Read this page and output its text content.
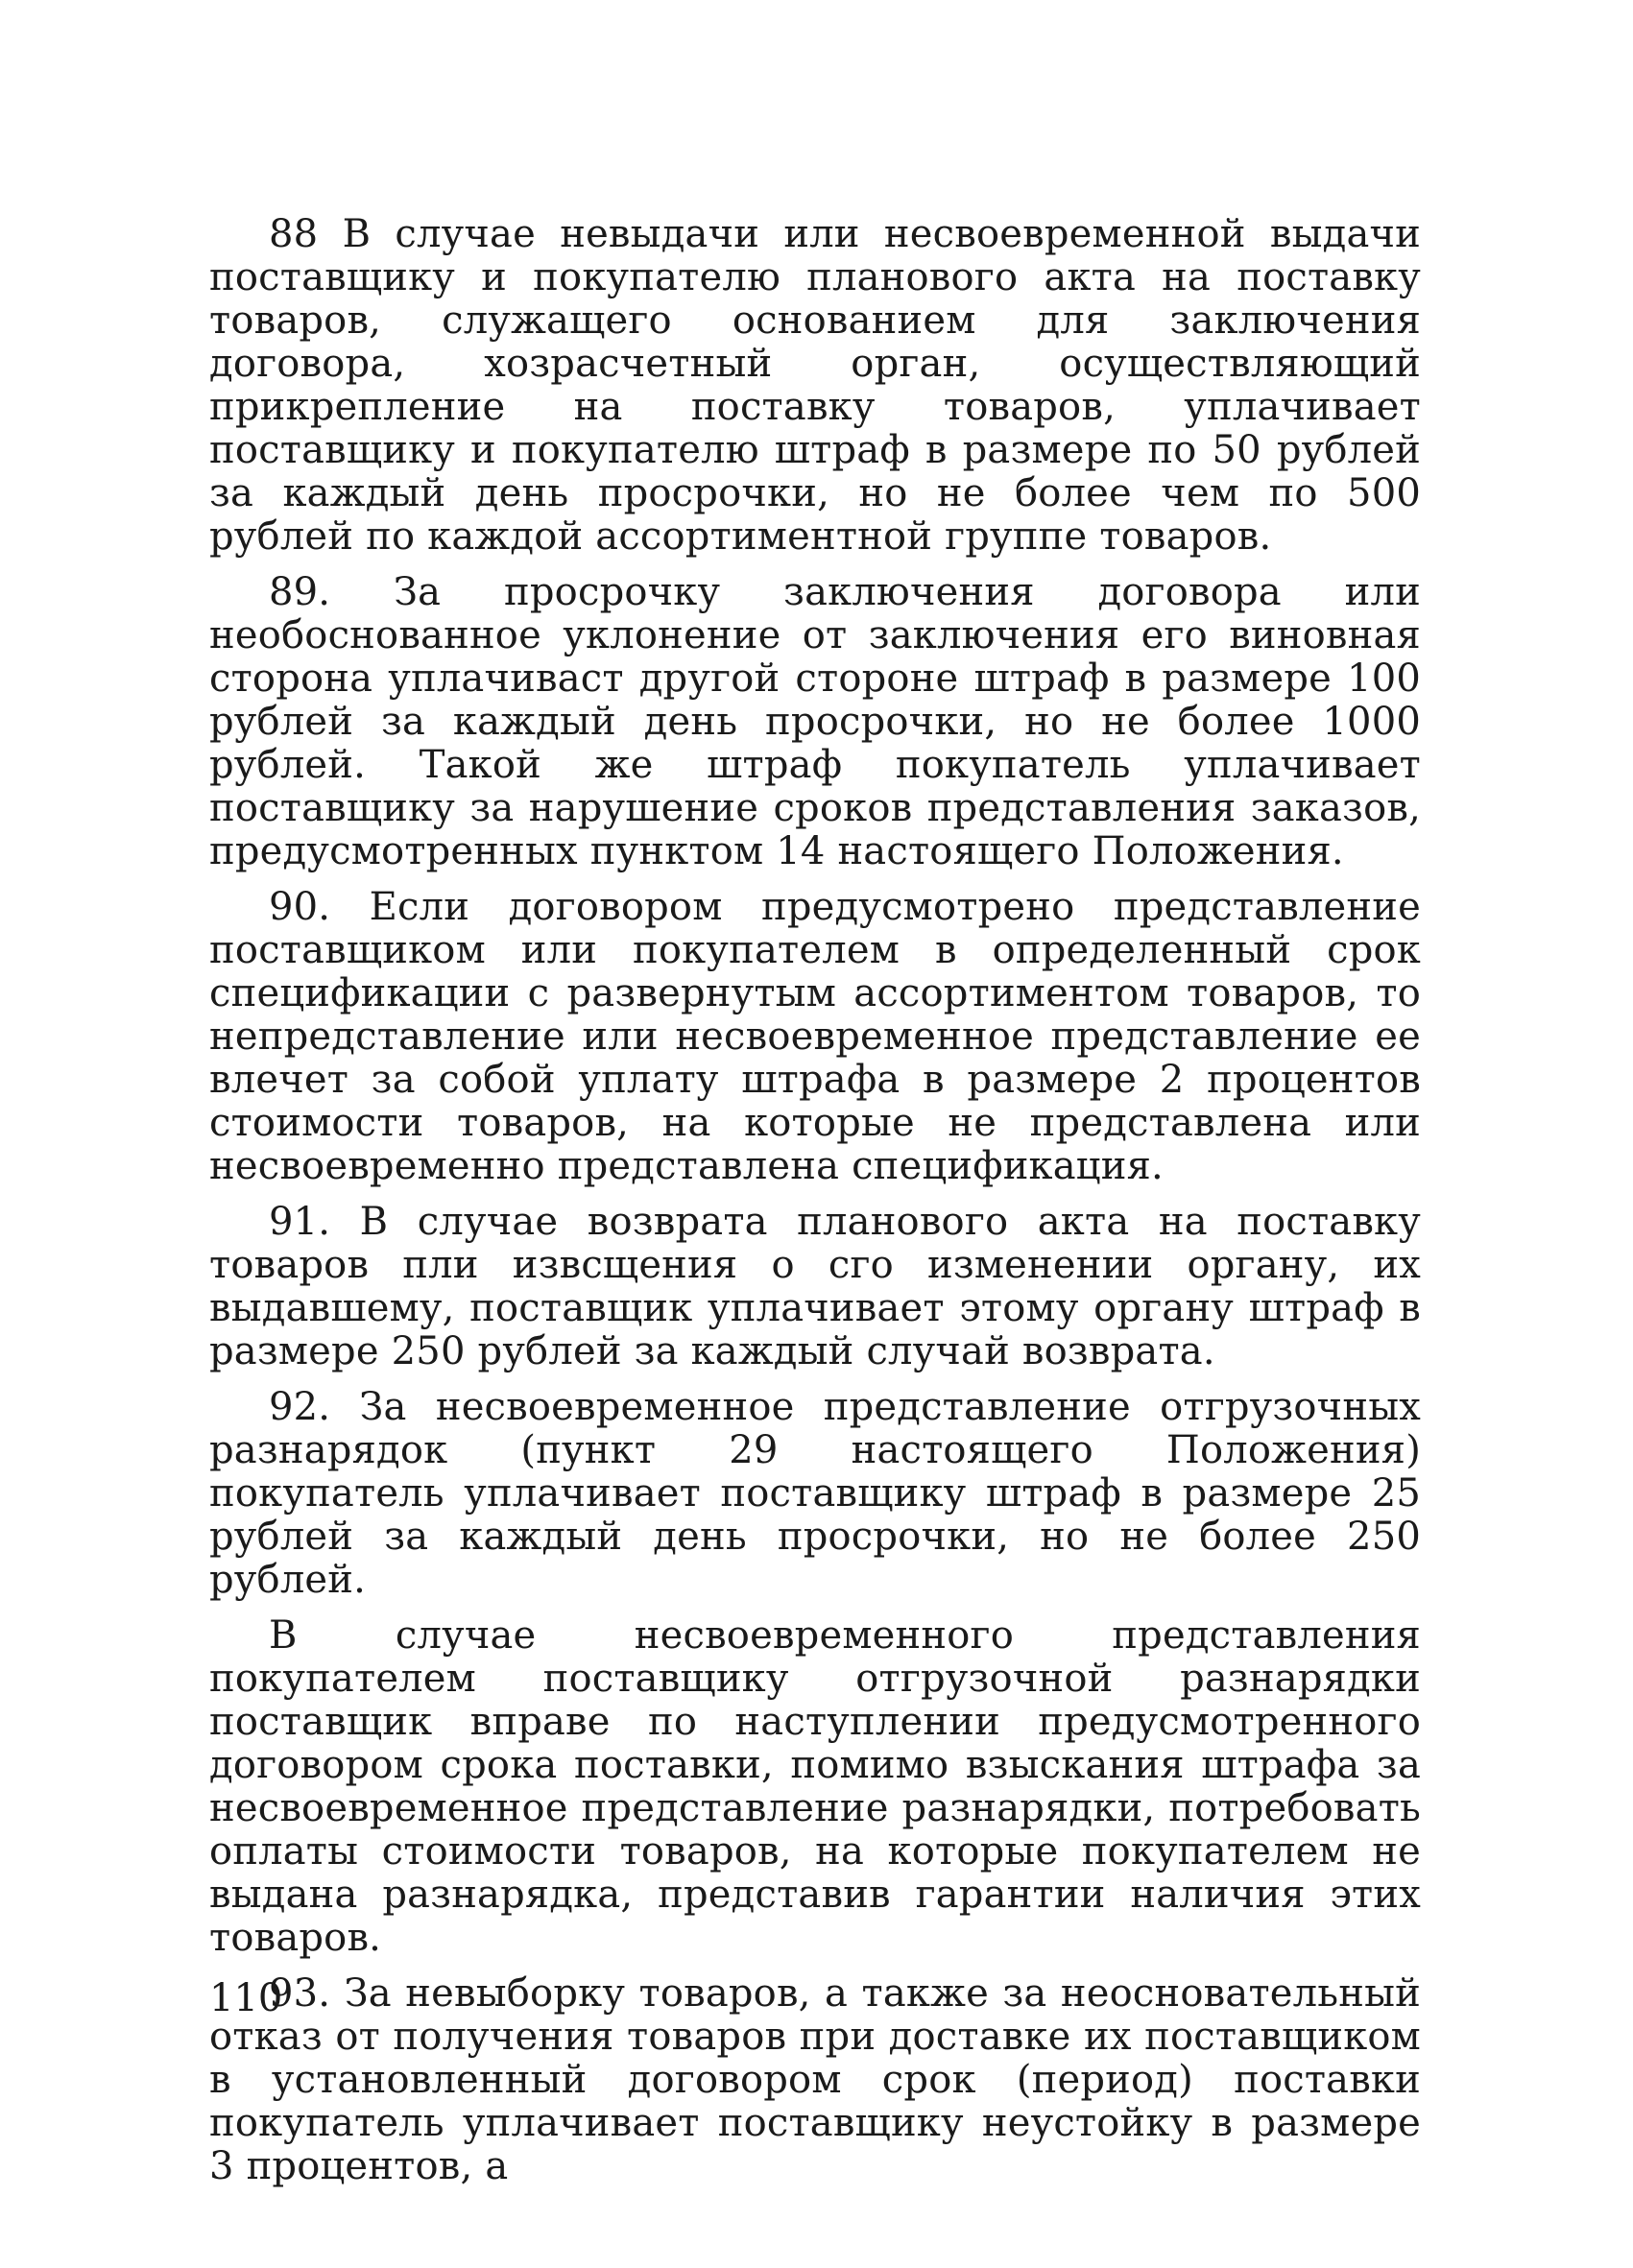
88 В случае невыдачи или несвоевременной выдачи поставщику и покупателю планового акта на поставку товаров, служащего основанием для заключения договора, хозрасчетный орган, осуществляющий прикрепление на поставку товаров, уплачивает поставщику и покупателю штраф в размере по 50 рублей за каждый день просрочки, но не более чем по 500 рублей по каждой ассортиментной группе товаров.

89. За просрочку заключения договора или необоснованное уклонение от заключения его виновная сторона уплачиваст другой стороне штраф в размере 100 рублей за каждый день просрочки, но не более 1000 рублей. Такой же штраф покупатель уплачивает поставщику за нарушение сроков представления заказов, предусмотренных пунктом 14 настоящего Положения.

90. Если договором предусмотрено представление поставщиком или покупателем в определенный срок спецификации с развернутым ассортиментом товаров, то непредставление или несвоевременное представление ее влечет за собой уплату штрафа в размере 2 процентов стоимости товаров, на которые не представлена или несвоевременно представлена спецификация.

91. В случае возврата планового акта на поставку товаров пли извсщения о сго изменении органу, их выдавшему, поставщик уплачивает этому органу штраф в размере 250 рублей за каждый случай возврата.

92. За несвоевременное представление отгрузочных разнарядок (пункт 29 настоящего Положения) покупатель уплачивает поставщику штраф в размере 25 рублей за каждый день просрочки, но не более 250 рублей.

В случае несвоевременного представления покупателем поставщику отгрузочной разнарядки поставщик вправе по наступлении предусмотренного договором срока поставки, помимо взыскания штрафа за несвоевременное представление разнарядки, потребовать оплаты стоимости товаров, на которые покупателем не выдана разнарядка, представив гарантии наличия этих товаров.

93. За невыборку товаров, а также за неосновательный отказ от получения товаров при доставке их поставщиком в установленный договором срок (период) поставки покупатель уплачивает поставщику неустойку в размере 3 процентов, а

110
